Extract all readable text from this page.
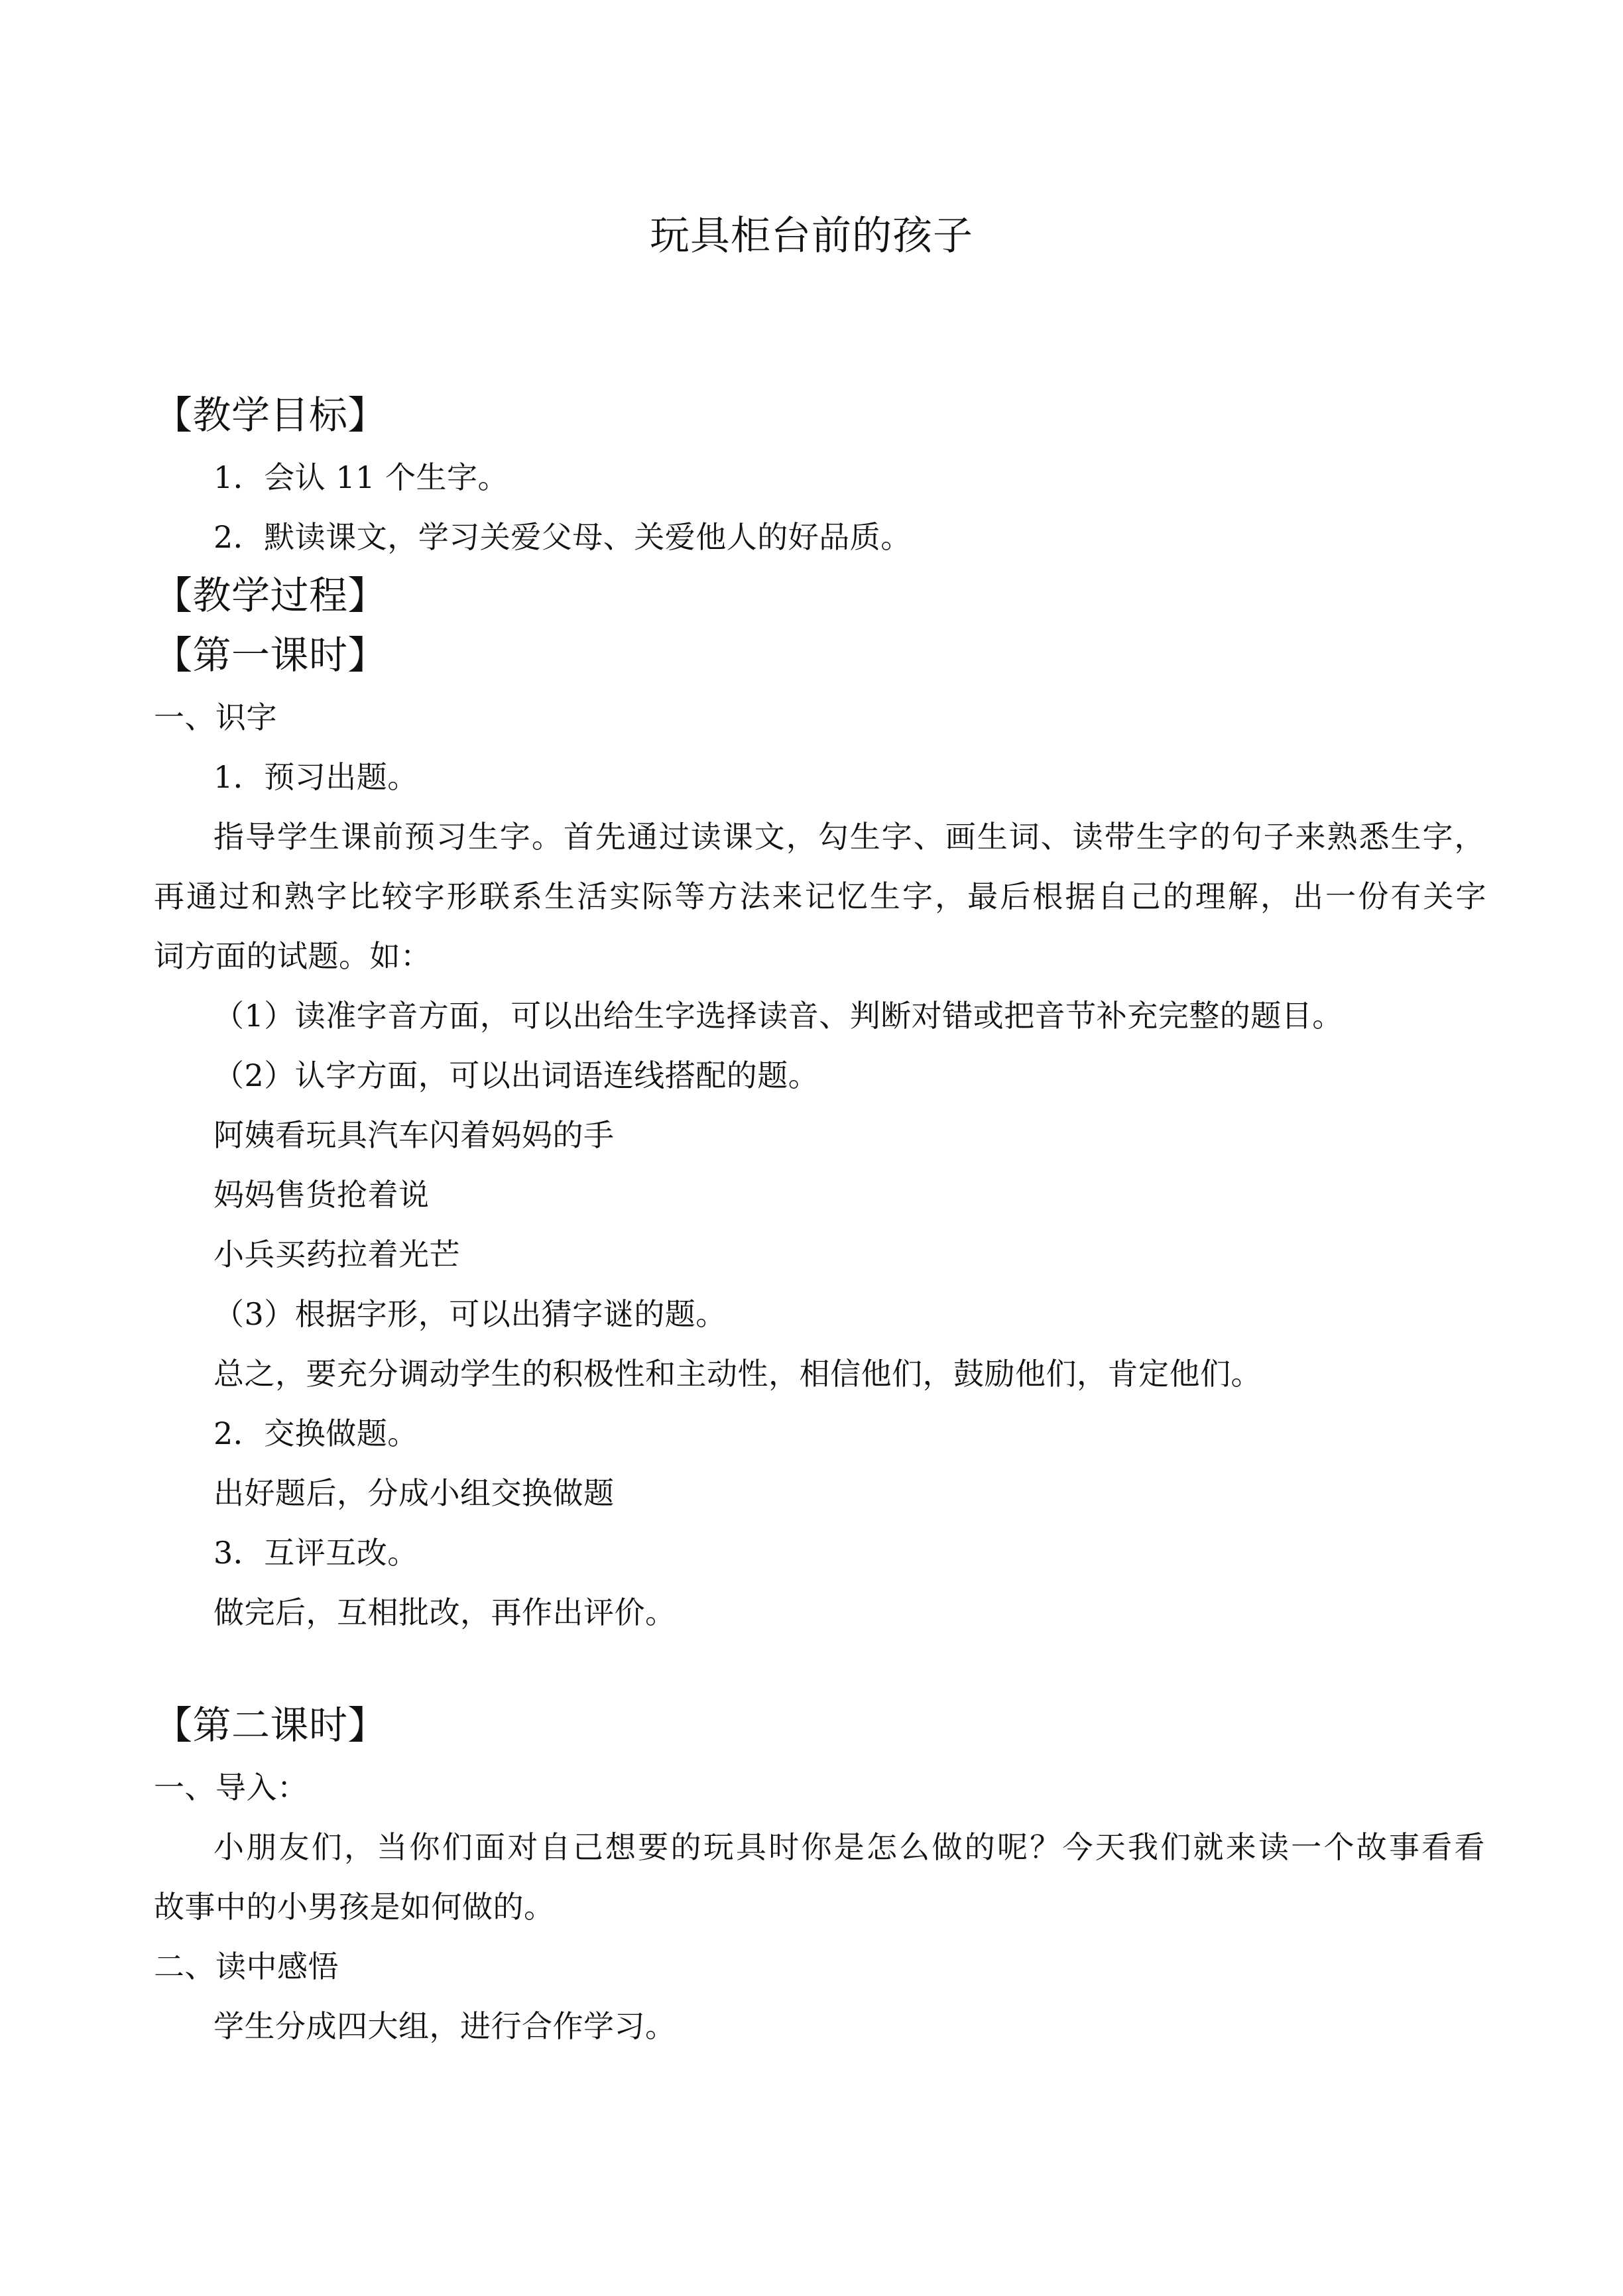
玩具柜台前的孩子
【教学目标】
1．会认 11 个生字。
2．默读课文，学习关爱父母、关爱他人的好品质。
【教学过程】
【第一课时】
一、识字
1．预习出题。
指导学生课前预习生字。首先通过读课文，勾生字、画生词、读带生字的句子来熟悉生字，
再通过和熟字比较字形联系生活实际等方法来记忆生字，最后根据自己的理解，出一份有关字
词方面的试题。如：
（1）读准字音方面，可以出给生字选择读音、判断对错或把音节补充完整的题目。
（2）认字方面，可以出词语连线搭配的题。
阿姨看玩具汽车闪着妈妈的手
妈妈售货抢着说
小兵买药拉着光芒
（3）根据字形，可以出猜字谜的题。
总之，要充分调动学生的积极性和主动性，相信他们，鼓励他们，肯定他们。
2．交换做题。
出好题后，分成小组交换做题
3．互评互改。
做完后，互相批改，再作出评价。
【第二课时】
一、导入：
小朋友们，当你们面对自己想要的玩具时你是怎么做的呢？今天我们就来读一个故事看看
故事中的小男孩是如何做的。
二、读中感悟
学生分成四大组，进行合作学习。
